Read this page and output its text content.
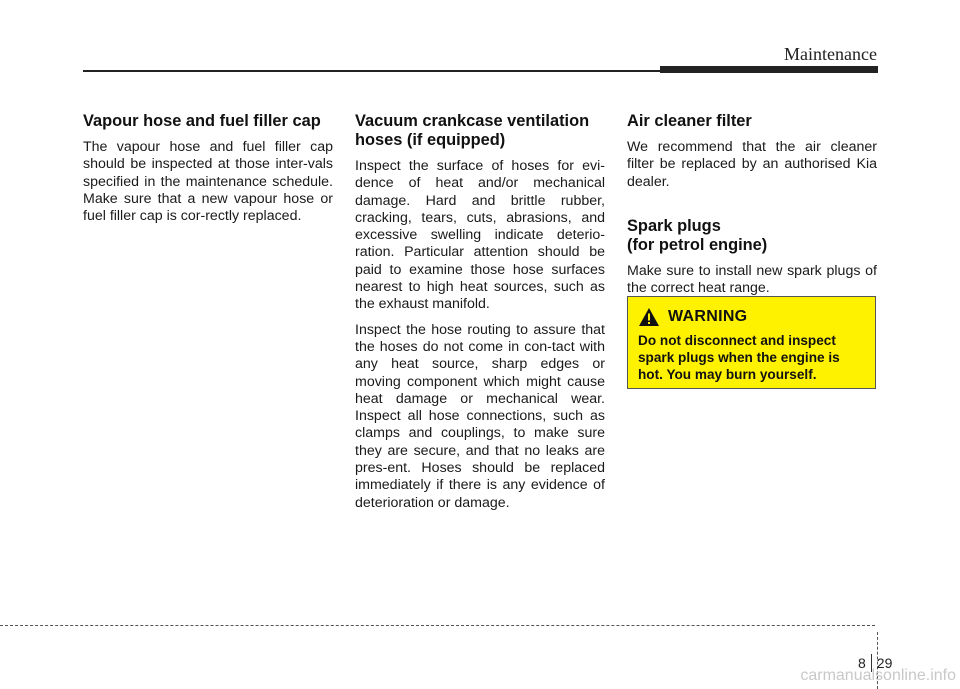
Maintenance
Vapour hose and fuel filler cap

The vapour hose and fuel filler cap should be inspected at those inter-vals specified in the maintenance schedule. Make sure that a new vapour hose or fuel filler cap is cor-rectly replaced.

Vacuum crankcase ventilation hoses (if equipped)

Inspect the surface of hoses for evi-dence of heat and/or mechanical damage. Hard and brittle rubber, cracking, tears, cuts, abrasions, and excessive swelling indicate deterio-ration. Particular attention should be paid to examine those hose surfaces nearest to high heat sources, such as the exhaust manifold.

Inspect the hose routing to assure that the hoses do not come in con-tact with any heat source, sharp edges or moving component which might cause heat damage or mechanical wear. Inspect all hose connections, such as clamps and couplings, to make sure they are secure, and that no leaks are pres-ent. Hoses should be replaced immediately if there is any evidence of deterioration or damage.

Air cleaner filter

We recommend that the air cleaner filter be replaced by an authorised Kia dealer.

Spark plugs
(for petrol engine)

Make sure to install new spark plugs of the correct heat range.

WARNING
Do not disconnect and inspect spark plugs when the engine is hot. You may burn yourself.
8 29
carmanualsonline.info
